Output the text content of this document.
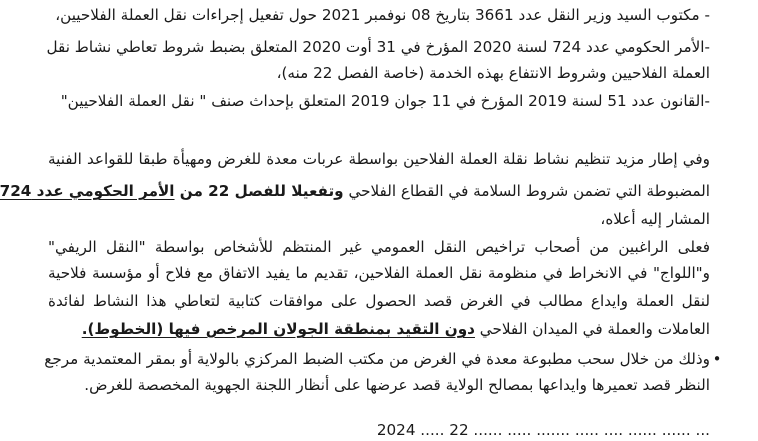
- مكتوب السيد وزير النقل عدد 3661 بتاريخ 08 نوفمبر 2021 حول تفعيل إجراءات نقل العملة الفلاحيين،
-الأمر الحكومي عدد 724 لسنة 2020 المؤرخ في 31 أوت 2020 المتعلق بضبط شروط تعاطي نشاط نقل
العملة الفلاحيين وشروط الانتفاع بهذه الخدمة (خاصة الفصل 22 منه)،
-القانون عدد 51 لسنة 2019 المؤرخ في 11 جوان 2019 المتعلق بإحداث صنف " نقل العملة الفلاحيين"
وفي إطار مزيد تنظيم نشاط نقلة العملة الفلاحين بواسطة عربات معدة للغرض ومهيأة طبقا للقواعد الفنية
المضبوطة التي تضمن شروط السلامة في القطاع الفلاحي وتفعيلا للفصل 22 من الأمر الحكومي عدد 724
المشار إليه أعلاه،
فعلى الراغبين من أصحاب تراخيص النقل العمومي غير المنتظم للأشخاص بواسطة "النقل الريفي"
و"اللواج" في الانخراط في منظومة نقل العملة الفلاحين، تقديم ما يفيد الاتفاق مع فلاح أو مؤسسة فلاحية
لنقل العملة وايداع مطالب في الغرض قصد الحصول على موافقات كتابية لتعاطي هذا النشاط لفائدة
العاملات والعملة في الميدان الفلاحي دون التقيد بمنطقة الجولان المرخص فيها (الخطوط).
•
وذلك من خلال سحب مطبوعة معدة في الغرض من مكتب الضبط المركزي بالولاية أو بمقر المعتمدية مرجع
النظر قصد تعميرها وايداعها بمصالح الولاية قصد عرضها على أنظار اللجنة الجهوية المخصصة للغرض.
... ...... ...... .... ..... ....... ..... ...... 22 ..... 2024
